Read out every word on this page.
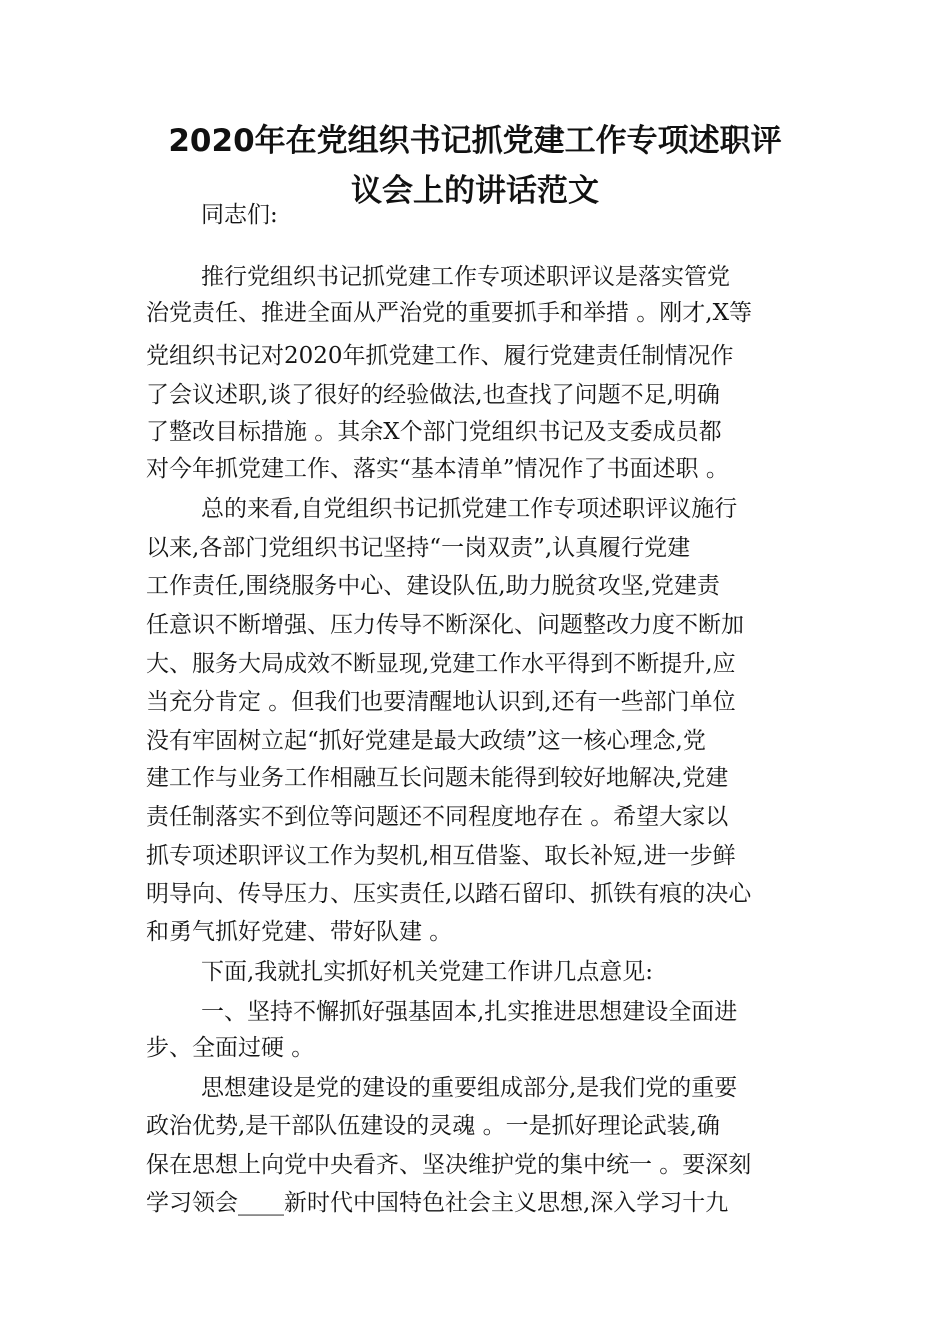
2020年在党组织书记抓党建工作专项述职评
议会上的讲话范文
同志们:
推行党组织书记抓党建工作专项述职评议是落实管党
治党责任、推进全面从严治党的重要抓手和举措 。刚才,X等
党组织书记对2020年抓党建工作、履行党建责任制情况作
了会议述职,谈了很好的经验做法,也查找了问题不足,明确
了整改目标措施 。其余X个部门党组织书记及支委成员都
对今年抓党建工作、落实“基本清单”情况作了书面述职 。
总的来看,自党组织书记抓党建工作专项述职评议施行
以来,各部门党组织书记坚持“一岗双责”,认真履行党建
工作责任,围绕服务中心、建设队伍,助力脱贫攻坚,党建责
任意识不断增强、压力传导不断深化、问题整改力度不断加
大、服务大局成效不断显现,党建工作水平得到不断提升,应
当充分肯定 。但我们也要清醒地认识到,还有一些部门单位
没有牢固树立起“抓好党建是最大政绩”这一核心理念,党
建工作与业务工作相融互长问题未能得到较好地解决,党建
责任制落实不到位等问题还不同程度地存在 。希望大家以
抓专项述职评议工作为契机,相互借鉴、取长补短,进一步鲜
明导向、传导压力、压实责任,以踏石留印、抓铁有痕的决心
和勇气抓好党建、带好队建 。
下面,我就扎实抓好机关党建工作讲几点意见:
一、坚持不懈抓好强基固本,扎实推进思想建设全面进
步、全面过硬 。
思想建设是党的建设的重要组成部分,是我们党的重要
政治优势,是干部队伍建设的灵魂 。一是抓好理论武装,确
保在思想上向党中央看齐、坚决维护党的集中统一 。要深刻
学习领会____新时代中国特色社会主义思想,深入学习十九
